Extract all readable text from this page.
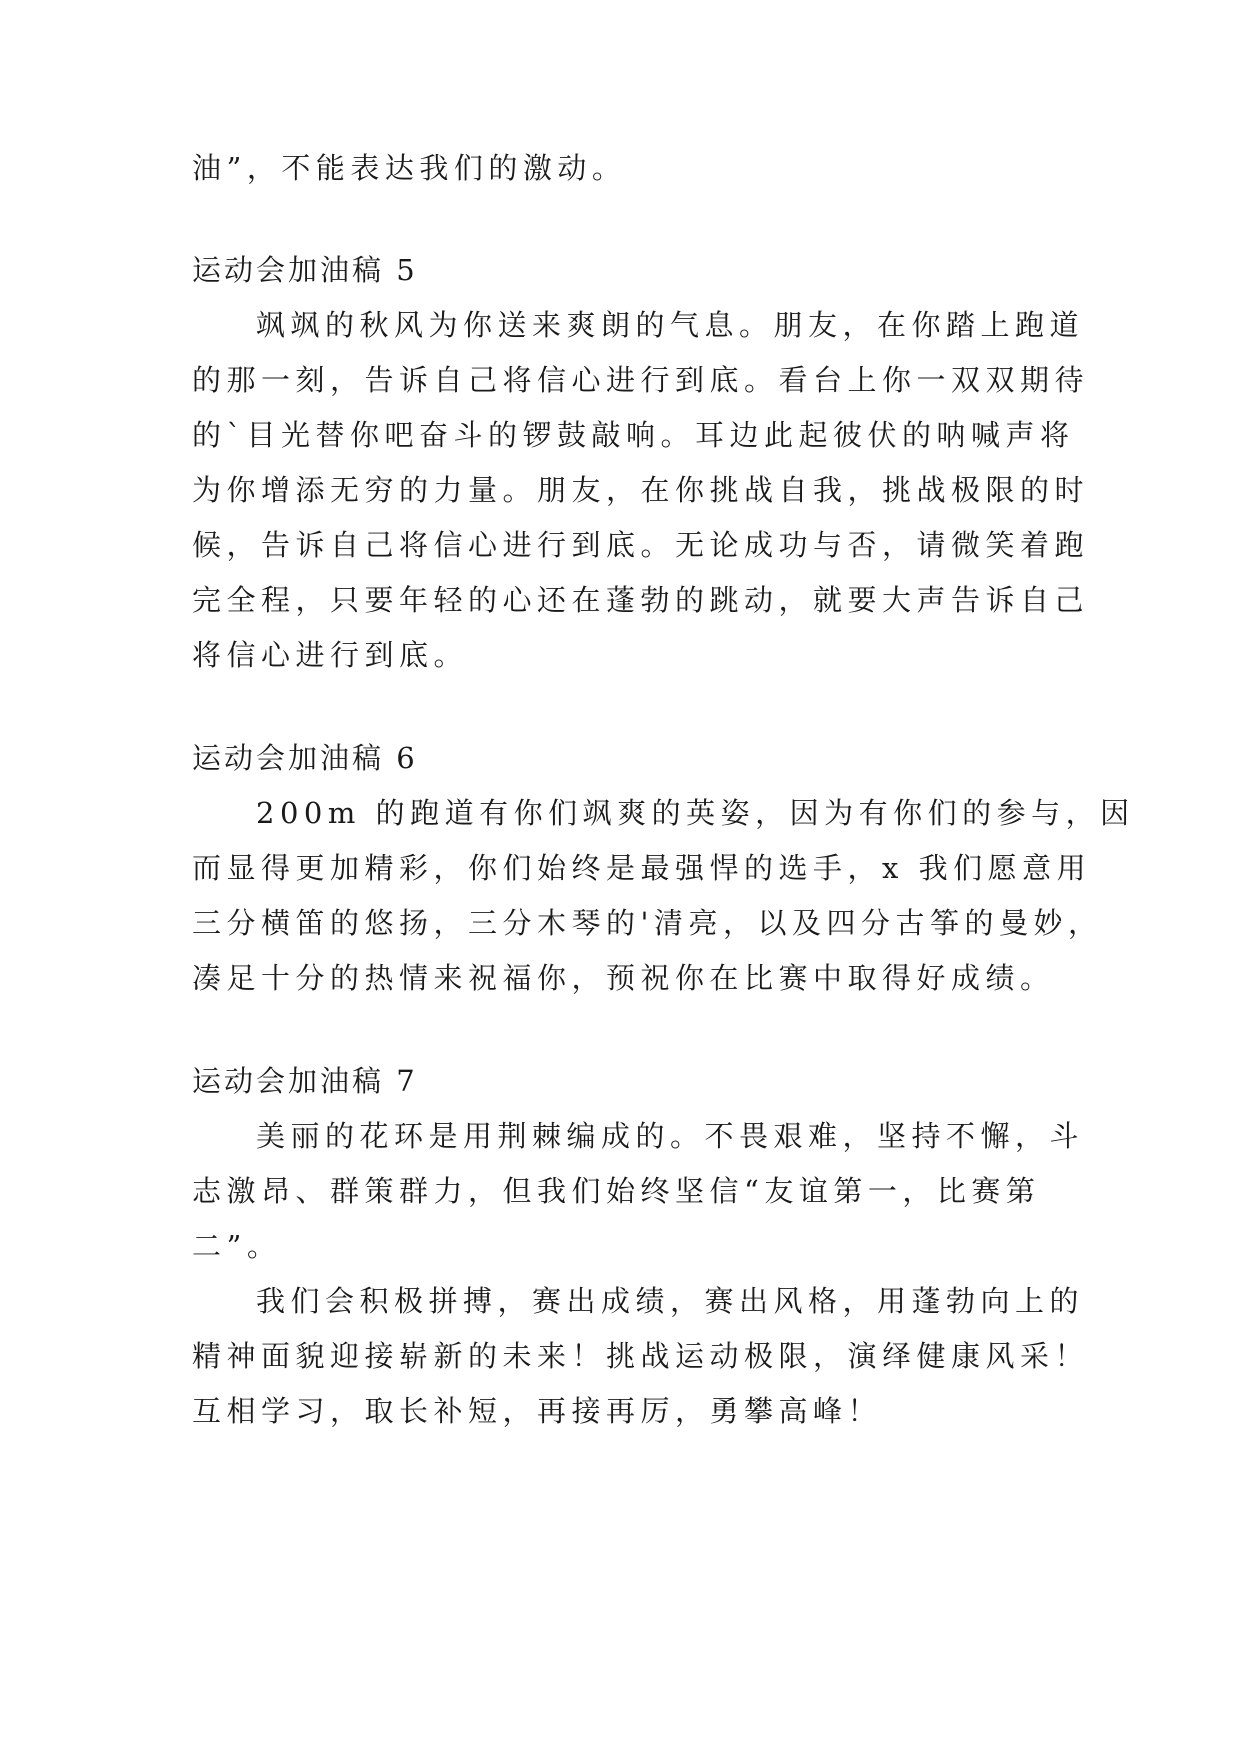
油”，不能表达我们的激动。
运动会加油稿 5
飒飒的秋风为你送来爽朗的气息。朋友，在你踏上跑道
的那一刻，告诉自己将信心进行到底。看台上你一双双期待
的`目光替你吧奋斗的锣鼓敲响。耳边此起彼伏的呐喊声将
为你增添无穷的力量。朋友，在你挑战自我，挑战极限的时
候，告诉自己将信心进行到底。无论成功与否，请微笑着跑
完全程，只要年轻的心还在蓬勃的跳动，就要大声告诉自己
将信心进行到底。
运动会加油稿 6
200m 的跑道有你们飒爽的英姿，因为有你们的参与，因
而显得更加精彩，你们始终是最强悍的选手，x 我们愿意用
三分横笛的悠扬，三分木琴的'清亮，以及四分古筝的曼妙，
凑足十分的热情来祝福你，预祝你在比赛中取得好成绩。
运动会加油稿 7
美丽的花环是用荆棘编成的。不畏艰难，坚持不懈，斗
志激昂、群策群力，但我们始终坚信“友谊第一，比赛第
二”。
我们会积极拼搏，赛出成绩，赛出风格，用蓬勃向上的
精神面貌迎接崭新的未来！挑战运动极限，演绎健康风采！
互相学习，取长补短，再接再厉，勇攀高峰！
